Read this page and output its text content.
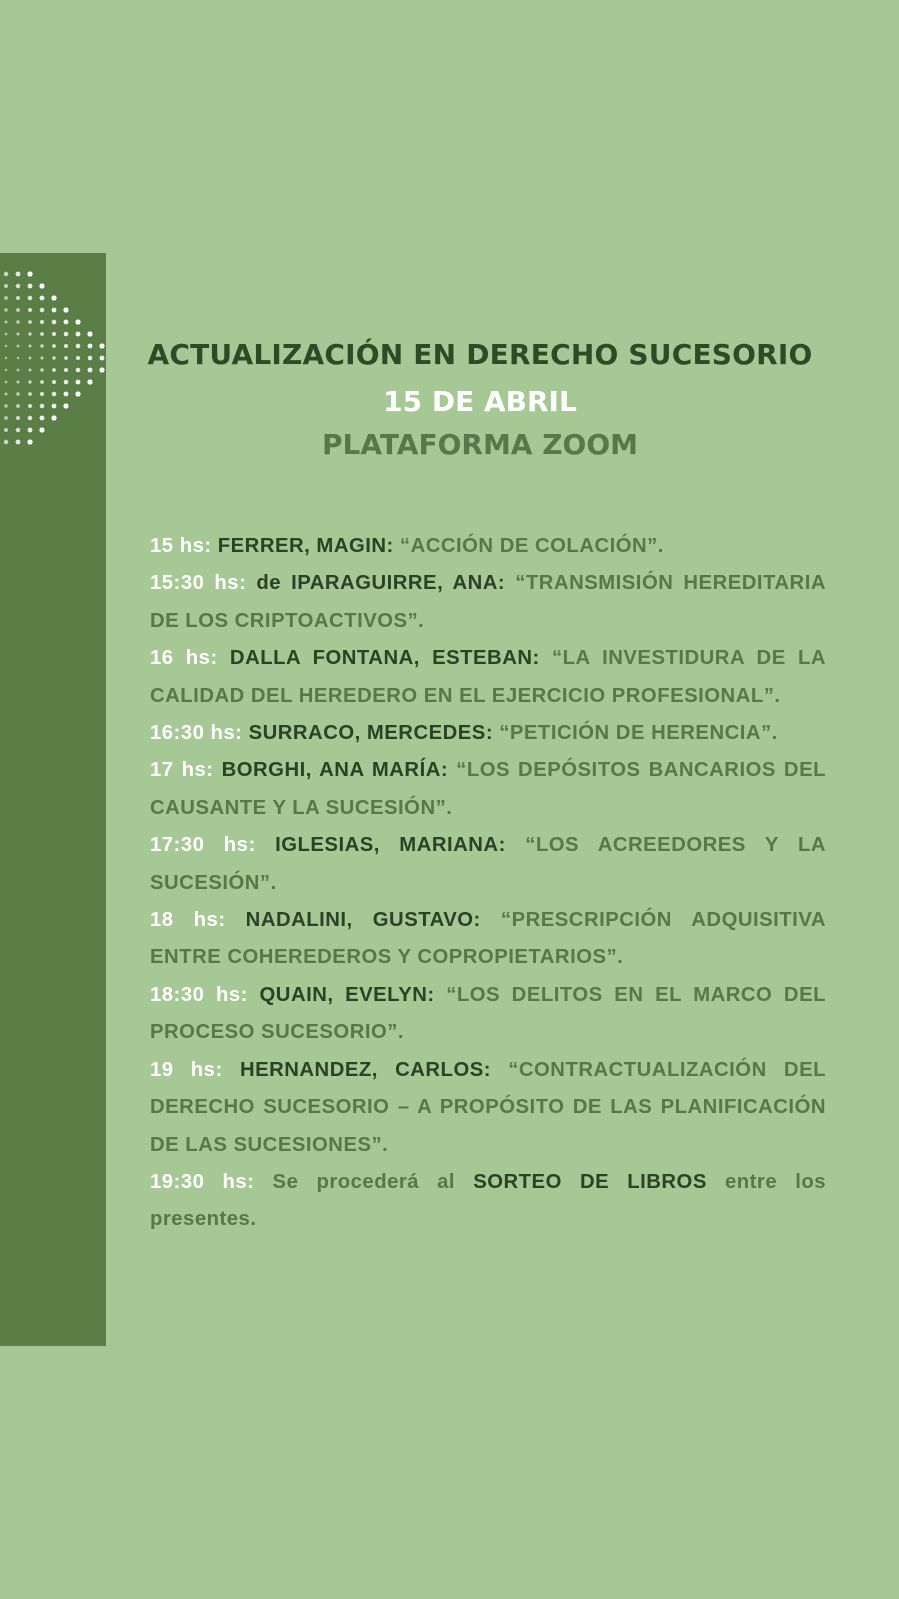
ACTUALIZACIÓN EN DERECHO SUCESORIO
15 DE ABRIL
PLATAFORMA ZOOM

15 hs: FERRER, MAGIN: “ACCIÓN DE COLACIÓN”.

15:30 hs: de IPARAGUIRRE, ANA: “TRANSMISIÓN HEREDITARIA DE LOS CRIPTOACTIVOS”.

16 hs: DALLA FONTANA, ESTEBAN: “LA INVESTIDURA DE LA CALIDAD DEL HEREDERO EN EL EJERCICIO PROFESIONAL”.

16:30 hs: SURRACO, MERCEDES: “PETICIÓN DE HERENCIA”.

17 hs: BORGHI, ANA MARÍA: “LOS DEPÓSITOS BANCARIOS DEL CAUSANTE Y LA SUCESIÓN”.

17:30 hs: IGLESIAS, MARIANA: “LOS ACREEDORES Y LA SUCESIÓN”.

18 hs: NADALINI, GUSTAVO: “PRESCRIPCIÓN ADQUISITIVA ENTRE COHEREDEROS Y COPROPIETARIOS”.

18:30 hs: QUAIN, EVELYN: “LOS DELITOS EN EL MARCO DEL PROCESO SUCESORIO”.

19 hs: HERNANDEZ, CARLOS: “CONTRACTUALIZACIÓN DEL DERECHO SUCESORIO – A PROPÓSITO DE LAS PLANIFICACIÓN DE LAS SUCESIONES”.

19:30 hs: Se procederá al SORTEO DE LIBROS entre los presentes.
